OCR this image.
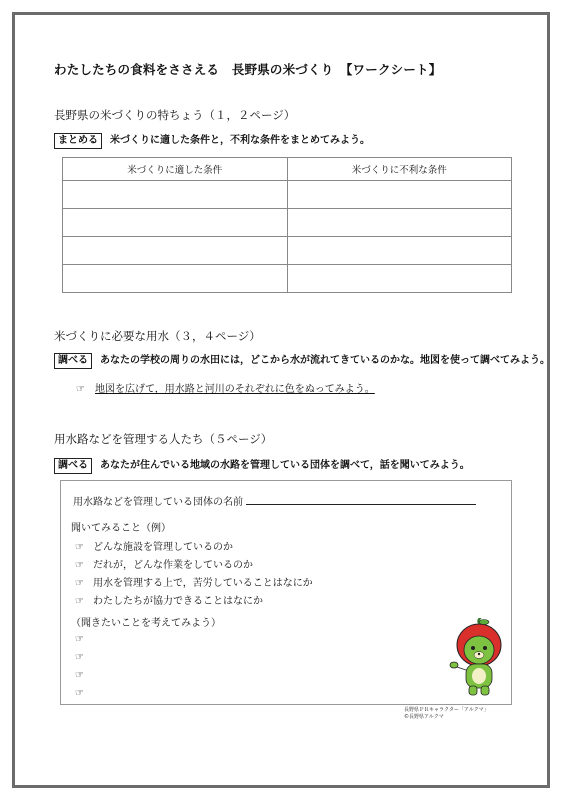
わたしたちの食料をささえる　長野県の米づくり　【ワークシート】
長野県の米づくりの特ちょう（１，２ページ）
まとめる 米づくりに適した条件と，不利な条件をまとめてみよう。
米づくりに適した条件	米づくりに不利な条件

米づくりに必要な用水（３，４ページ）
調べる あなたの学校の周りの水田には，どこから水が流れてきているのかな。地図を使って調べてみよう。
☞ 地図を広げて，用水路と河川のそれぞれに色をぬってみよう。
用水路などを管理する人たち（５ページ）
調べる あなたが住んでいる地域の水路を管理している団体を調べて，話を聞いてみよう。
用水路などを管理している団体の名前
聞いてみること（例）
☞ どんな施設を管理しているのか
☞ だれが，どんな作業をしているのか
☞ 用水を管理する上で，苦労していることはなにか
☞ わたしたちが協力できることはなにか
（聞きたいことを考えてみよう）
☞
☞
☞
☞
長野県ＰＲキャラクター「アルクマ」
©長野県アルクマ
